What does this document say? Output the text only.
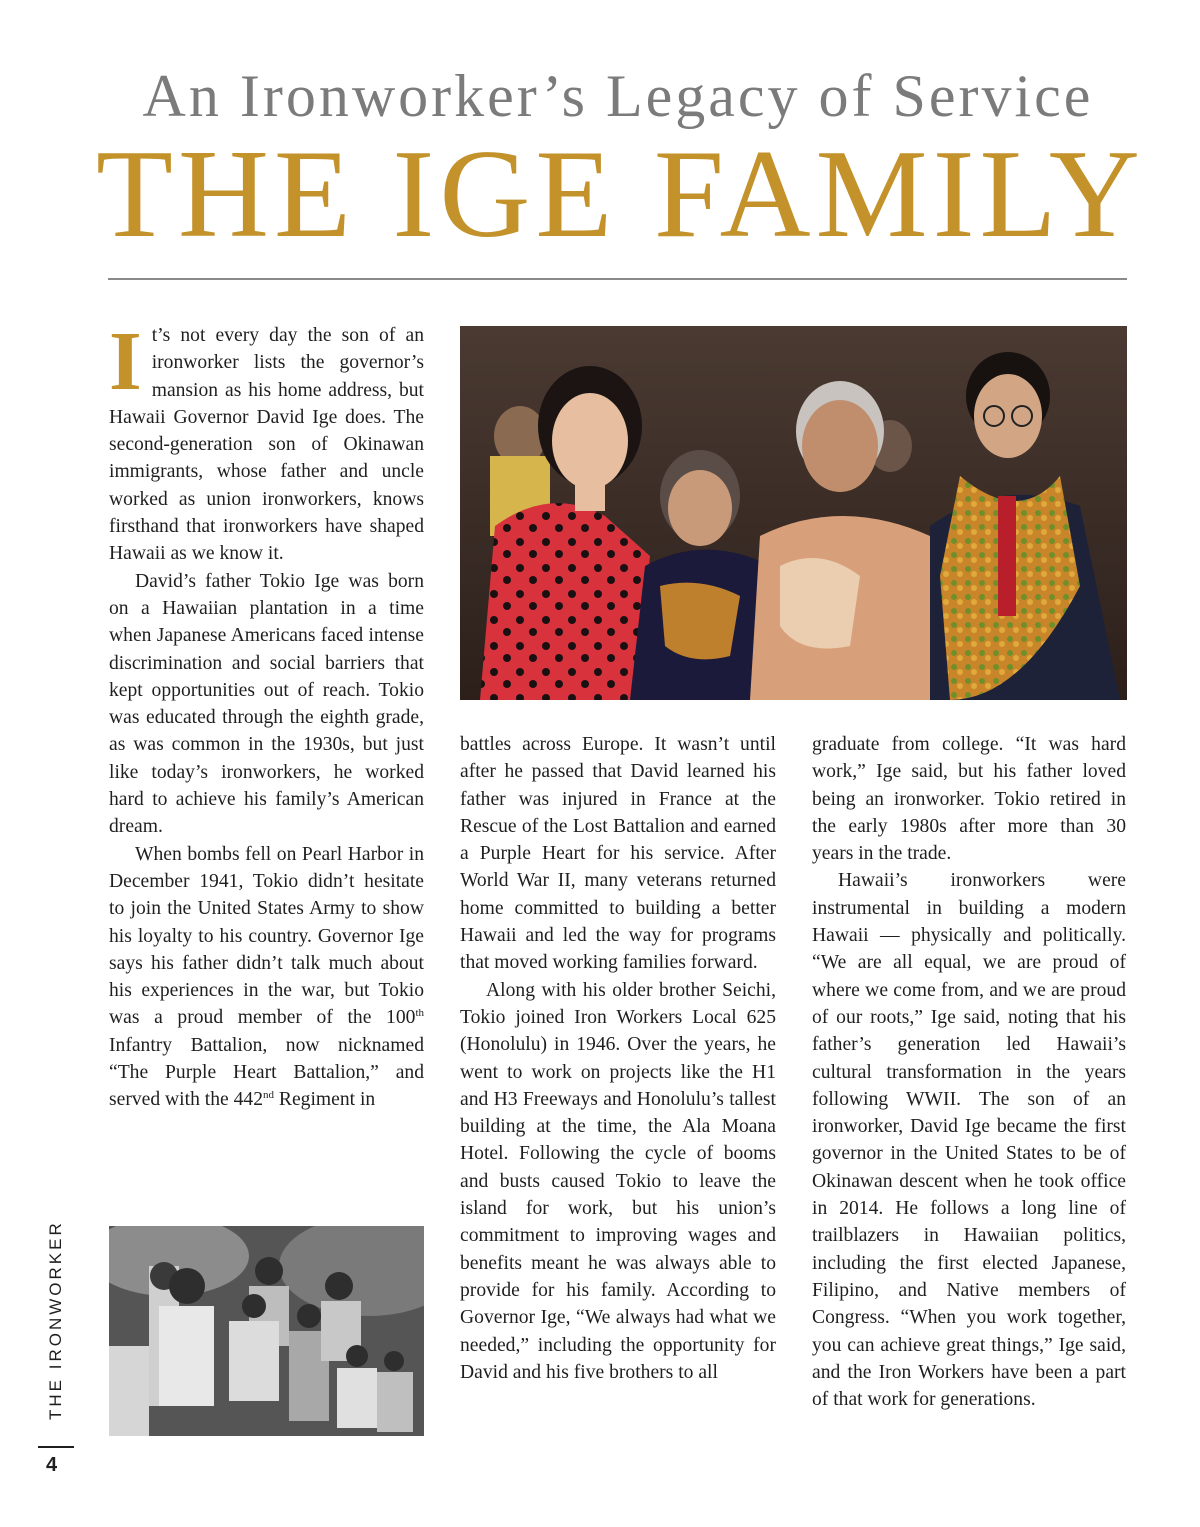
An Ironworker’s Legacy of Service
THE IGE FAMILY

It’s not every day the son of an ironworker lists the governor’s mansion as his home address, but Hawaii Governor David Ige does. The second-generation son of Okinawan immigrants, whose father and uncle worked as union ironworkers, knows firsthand that ironworkers have shaped Hawaii as we know it.

David’s father Tokio Ige was born on a Hawaiian plantation in a time when Japanese Americans faced intense discrimination and social barriers that kept opportunities out of reach. Tokio was educated through the eighth grade, as was common in the 1930s, but just like today’s ironworkers, he worked hard to achieve his family’s American dream.

When bombs fell on Pearl Harbor in December 1941, Tokio didn’t hesitate to join the United States Army to show his loyalty to his country. Governor Ige says his father didn’t talk much about his experiences in the war, but Tokio was a proud member of the 100th Infantry Battalion, now nicknamed “The Purple Heart Battalion,” and served with the 442nd Regiment in

battles across Europe. It wasn’t until after he passed that David learned his father was injured in France at the Rescue of the Lost Battalion and earned a Purple Heart for his service. After World War II, many veterans returned home committed to building a better Hawaii and led the way for programs that moved working families forward.

Along with his older brother Seichi, Tokio joined Iron Workers Local 625 (Honolulu) in 1946. Over the years, he went to work on projects like the H1 and H3 Freeways and Honolulu’s tallest building at the time, the Ala Moana Hotel. Following the cycle of booms and busts caused Tokio to leave the island for work, but his union’s commitment to improving wages and benefits meant he was always able to provide for his family. According to Governor Ige, “We always had what we needed,” including the opportunity for David and his five brothers to all

graduate from college. “It was hard work,” Ige said, but his father loved being an ironworker. Tokio retired in the early 1980s after more than 30 years in the trade.

Hawaii’s ironworkers were instrumental in building a modern Hawaii — physically and politically. “We are all equal, we are proud of where we come from, and we are proud of our roots,” Ige said, noting that his father’s generation led Hawaii’s cultural transformation in the years following WWII. The son of an ironworker, David Ige became the first governor in the United States to be of Okinawan descent when he took office in 2014. He follows a long line of trailblazers in Hawaiian politics, including the first elected Japanese, Filipino, and Native members of Congress. “When you work together, you can achieve great things,” Ige said, and the Iron Workers have been a part of that work for generations.

THE IRONWORKER
4
